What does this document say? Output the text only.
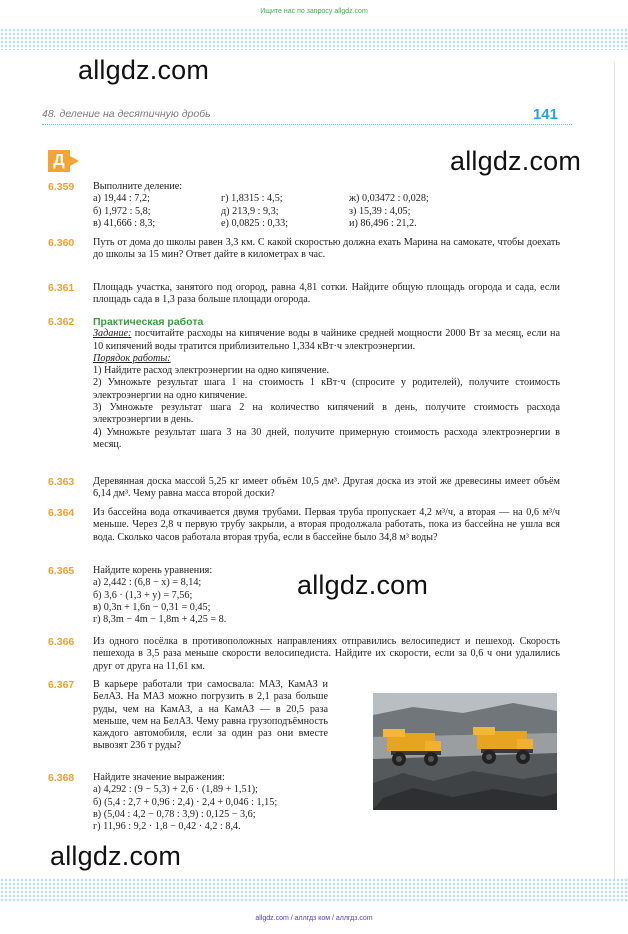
Ищите нас по запросу allgdz.com
allgdz.com
allgdz.com
allgdz.com
allgdz.com
48. деление на десятичную дробь	141
Д
6.359 Выполните деление:
а) 19,44 : 7,2;	г) 1,8315 : 4,5;	ж) 0,03472 : 0,028;
б) 1,972 : 5,8;	д) 213,9 : 9,3;	з) 15,39 : 4,05;
в) 41,666 : 8,3;	е) 0,0825 : 0,33;	и) 86,496 : 21,2.
6.360 Путь от дома до школы равен 3,3 км. С какой скоростью должна ехать Марина на самокате, чтобы доехать до школы за 15 мин? Ответ дайте в километрах в час.
6.361 Площадь участка, занятого под огород, равна 4,81 сотки. Найдите общую площадь огорода и сада, если площадь сада в 1,3 раза больше площади огорода.
6.362 Практическая работа
Задание: посчитайте расходы на кипячение воды в чайнике средней мощности 2000 Вт за месяц, если на 10 кипячений воды тратится приблизительно 1,334 кВт·ч электроэнергии.
Порядок работы:
1) Найдите расход электроэнергии на одно кипячение.
2) Умножьте результат шага 1 на стоимость 1 кВт·ч (спросите у родителей), получите стоимость электроэнергии на одно кипячение.
3) Умножьте результат шага 2 на количество кипячений в день, получите стоимость расхода электроэнергии в день.
4) Умножьте результат шага 3 на 30 дней, получите примерную стоимость расхода электроэнергии в месяц.
6.363 Деревянная доска массой 5,25 кг имеет объём 10,5 дм³. Другая доска из этой же древесины имеет объём 6,14 дм³. Чему равна масса второй доски?
6.364 Из бассейна вода откачивается двумя трубами. Первая труба пропускает 4,2 м³/ч, а вторая — на 0,6 м³/ч меньше. Через 2,8 ч первую трубу закрыли, а вторая продолжала работать, пока из бассейна не ушла вся вода. Сколько часов работала вторая труба, если в бассейне было 34,8 м³ воды?
6.365 Найдите корень уравнения:
а) 2,442 : (6,8 − x) = 8,14;
б) 3,6 · (1,3 + y) = 7,56;
в) 0,3n + 1,6n − 0,31 = 0,45;
г) 8,3m − 4m − 1,8m + 4,25 = 8.
6.366 Из одного посёлка в противоположных направлениях отправились велосипедист и пешеход. Скорость пешехода в 3,5 раза меньше скорости велосипедиста. Найдите их скорости, если за 0,6 ч они удалились друг от друга на 11,61 км.
6.367 В карьере работали три самосвала: МАЗ, КамАЗ и БелАЗ. На МАЗ можно погрузить в 2,1 раза больше руды, чем на КамАЗ, а на КамАЗ — в 20,5 раза меньше, чем на БелАЗ. Чему равна грузоподъёмность каждого автомобиля, если за один раз они вместе вывозят 236 т руды?
6.368 Найдите значение выражения:
а) 4,292 : (9 − 5,3) + 2,6 · (1,89 + 1,51);
б) (5,4 : 2,7 + 0,96 : 2,4) · 2,4 + 0,046 : 1,15;
в) (5,04 : 4,2 − 0,78 : 3,9) : 0,125 − 3,6;
г) 11,96 : 9,2 · 1,8 − 0,42 · 4,2 : 8,4.
allgdz.com / аллгдз ком / аллгдз.com
